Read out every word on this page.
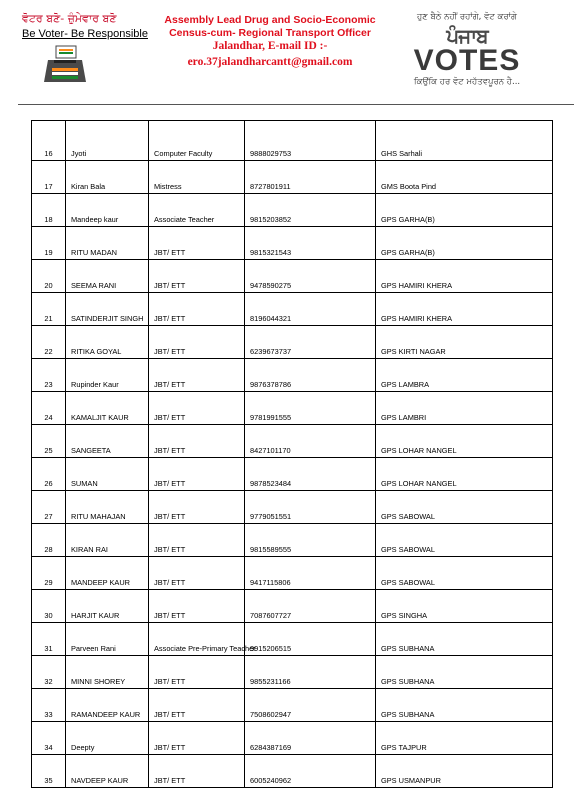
ਵੋਟਰ ਬਣੋ- ਜ਼ੁੰਮੇਵਾਰ ਬਣੋ
Be Voter- Be Responsible
Assembly Lead Drug and Socio-Economic
Census-cum- Regional Transport Officer
Jalandhar, E-mail ID :-
ero.37jalandharcantt@gmail.com
ਹੁਣ ਬੈਠੇ ਨਹੀਂ ਰਹਾਂਗੇ, ਵੋਟ ਕਰਾਂਗੇ
ਪੰਜਾਬ
VOTES
ਕਿਉਂਕਿ ਹਰ ਵੋਟ ਮਹੱਤਵਪੂਰਨ ਹੈ...
16	Jyoti	Computer Faculty	9888029753	GHS Sarhali
17	Kiran Bala	Mistress	8727801911	GMS Boota Pind
18	Mandeep kaur	Associate Teacher	9815203852	GPS GARHA(B)
19	RITU MADAN	JBT/ ETT	9815321543	GPS GARHA(B)
20	SEEMA RANI	JBT/ ETT	9478590275	GPS HAMIRI KHERA
21	SATINDERJIT SINGH	JBT/ ETT	8196044321	GPS HAMIRI KHERA
22	RITIKA GOYAL	JBT/ ETT	6239673737	GPS KIRTI NAGAR
23	Rupinder Kaur	JBT/ ETT	9876378786	GPS LAMBRA
24	KAMALJIT KAUR	JBT/ ETT	9781991555	GPS LAMBRI
25	SANGEETA	JBT/ ETT	8427101170	GPS LOHAR NANGEL
26	SUMAN	JBT/ ETT	9878523484	GPS LOHAR NANGEL
27	RITU MAHAJAN	JBT/ ETT	9779051551	GPS SABOWAL
28	KIRAN RAI	JBT/ ETT	9815589555	GPS SABOWAL
29	MANDEEP KAUR	JBT/ ETT	9417115806	GPS SABOWAL
30	HARJIT KAUR	JBT/ ETT	7087607727	GPS SINGHA
31	Parveen Rani	Associate Pre-Primary Teacher	9915206515	GPS SUBHANA
32	MINNI SHOREY	JBT/ ETT	9855231166	GPS SUBHANA
33	RAMANDEEP KAUR	JBT/ ETT	7508602947	GPS SUBHANA
34	Deepty	JBT/ ETT	6284387169	GPS TAJPUR
35	NAVDEEP KAUR	JBT/ ETT	6005240962	GPS USMANPUR
